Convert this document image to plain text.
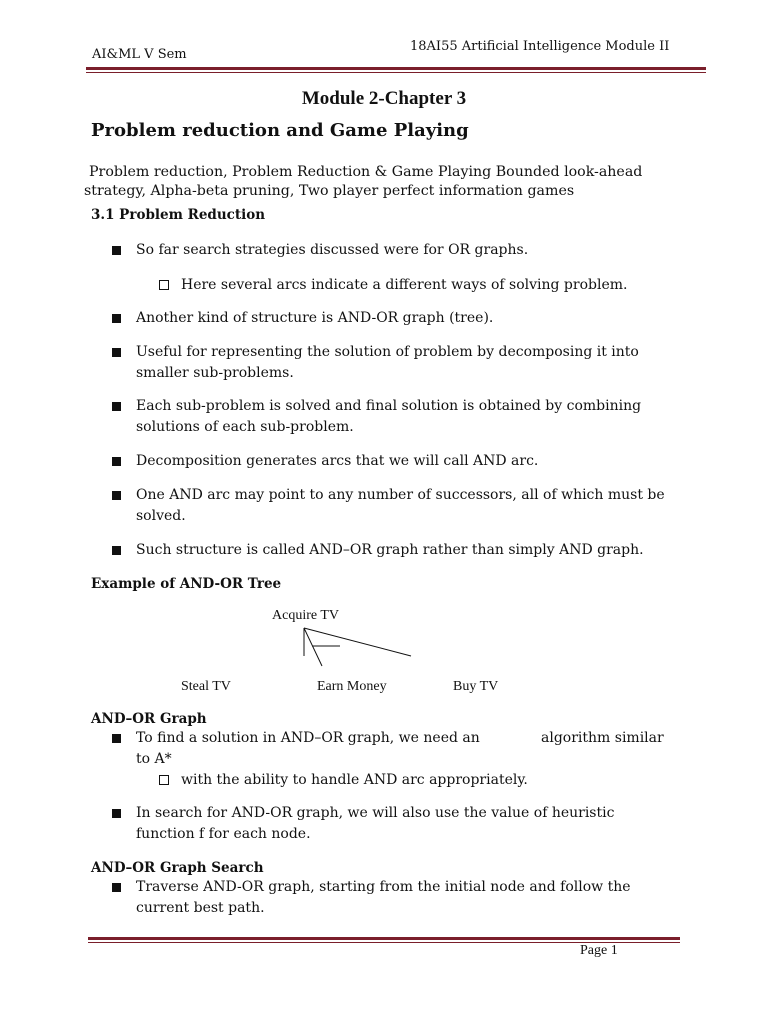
AI&ML V Sem
18AI55 Artificial Intelligence Module II
Module 2-Chapter 3
Problem reduction and Game Playing

Problem reduction, Problem Reduction & Game Playing Bounded look-ahead

strategy, Alpha-beta pruning, Two player perfect information games

3.1 Problem Reduction
So far search strategies discussed were for OR graphs.
Here several arcs indicate a different ways of solving problem.
Another kind of structure is AND-OR graph (tree).
Useful for representing the solution of problem by decomposing it into smaller sub-problems.
Each sub-problem is solved and final solution is obtained by combining solutions of each sub-problem.
Decomposition generates arcs that we will call AND arc.
One AND arc may point to any number of successors, all of which must be solved.
Such structure is called AND–OR graph rather than simply AND graph.
Example of AND-OR Tree
Acquire TV
Steal TV	Earn Money	Buy TV
AND–OR Graph
To find a solution in AND–OR graph, we need an	algorithm similar

to A*
with the ability to handle AND arc appropriately.
In search for AND-OR graph, we will also use the value of heuristic function f for each node.
AND–OR Graph Search
Traverse AND-OR graph, starting from the initial node and follow the current best path.
Page 1
